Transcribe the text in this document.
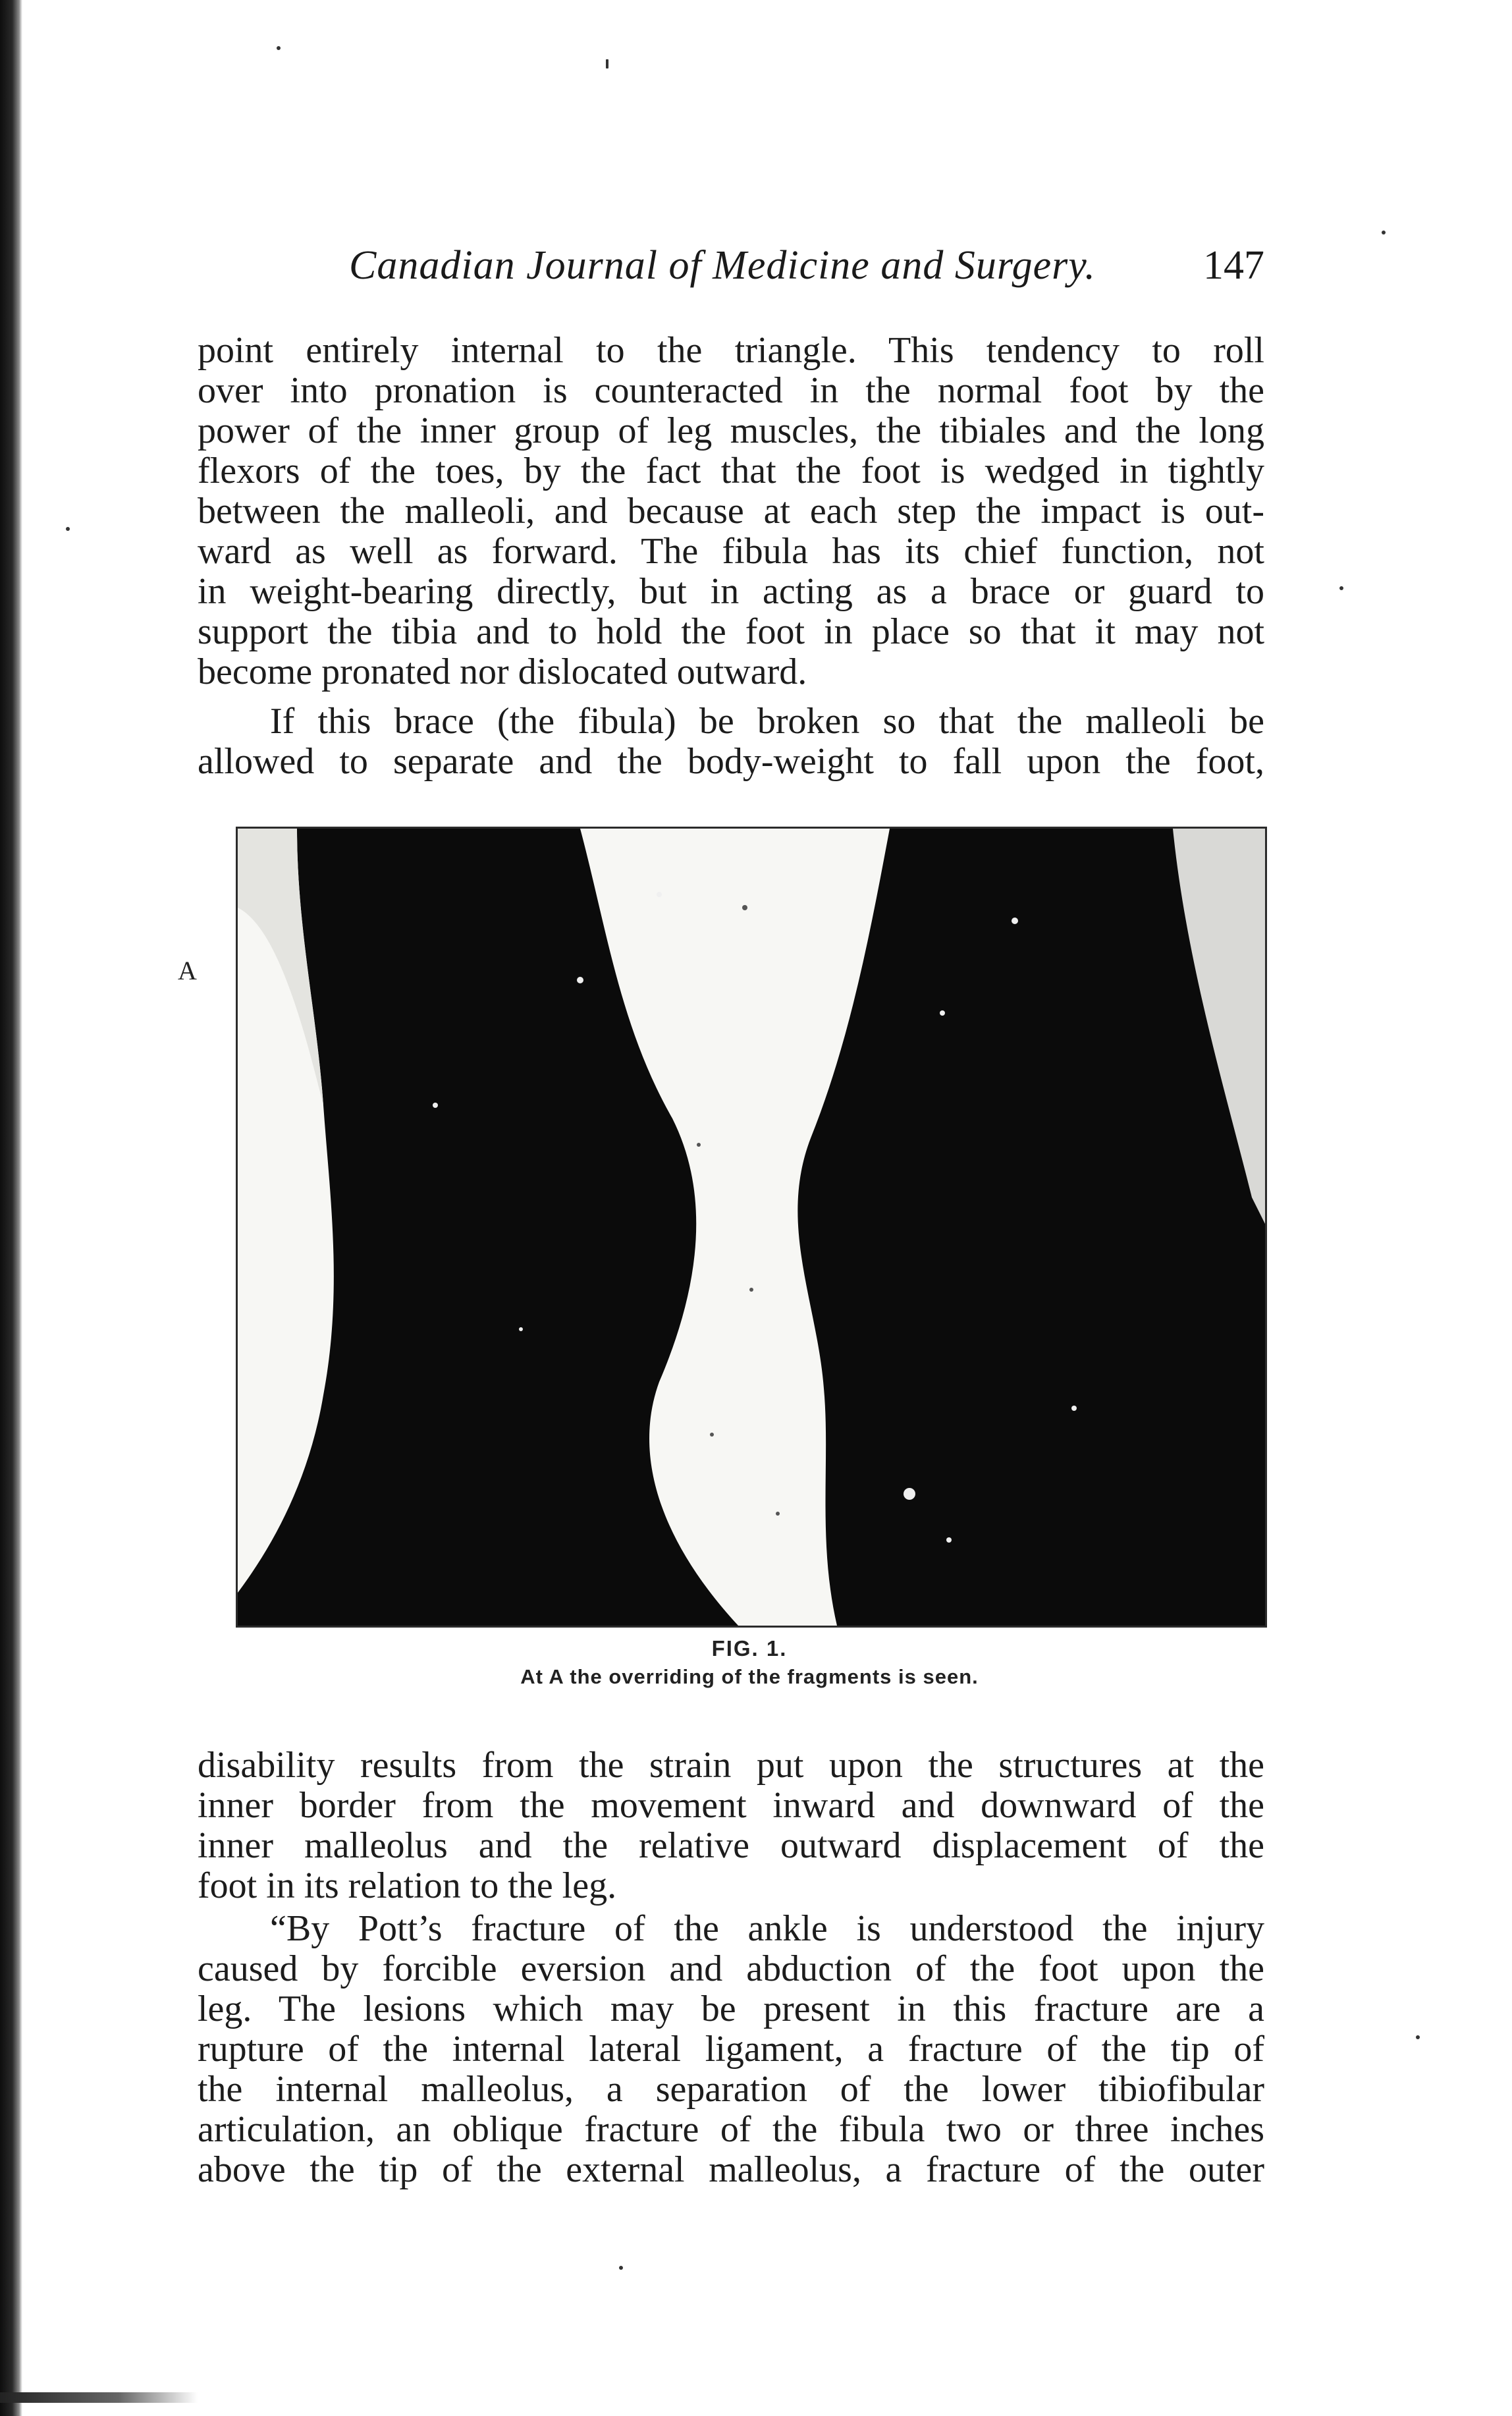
Canadian Journal of Medicine and Surgery.	147
point entirely internal to the triangle. This tendency to roll
over into pronation is counteracted in the normal foot by the
power of the inner group of leg muscles, the tibiales and the long
flexors of the toes, by the fact that the foot is wedged in tightly
between the malleoli, and because at each step the impact is out-
ward as well as forward. The fibula has its chief function, not
in weight-bearing directly, but in acting as a brace or guard to
support the tibia and to hold the foot in place so that it may not
become pronated nor dislocated outward.
If this brace (the fibula) be broken so that the malleoli be
allowed to separate and the body-weight to fall upon the foot,
A
FIG. 1.
At A the overriding of the fragments is seen.
disability results from the strain put upon the structures at the
inner border from the movement inward and downward of the
inner malleolus and the relative outward displacement of the
foot in its relation to the leg.
“By Pott’s fracture of the ankle is understood the injury
caused by forcible eversion and abduction of the foot upon the
leg. The lesions which may be present in this fracture are a
rupture of the internal lateral ligament, a fracture of the tip of
the internal malleolus, a separation of the lower tibiofibular
articulation, an oblique fracture of the fibula two or three inches
above the tip of the external malleolus, a fracture of the outer
